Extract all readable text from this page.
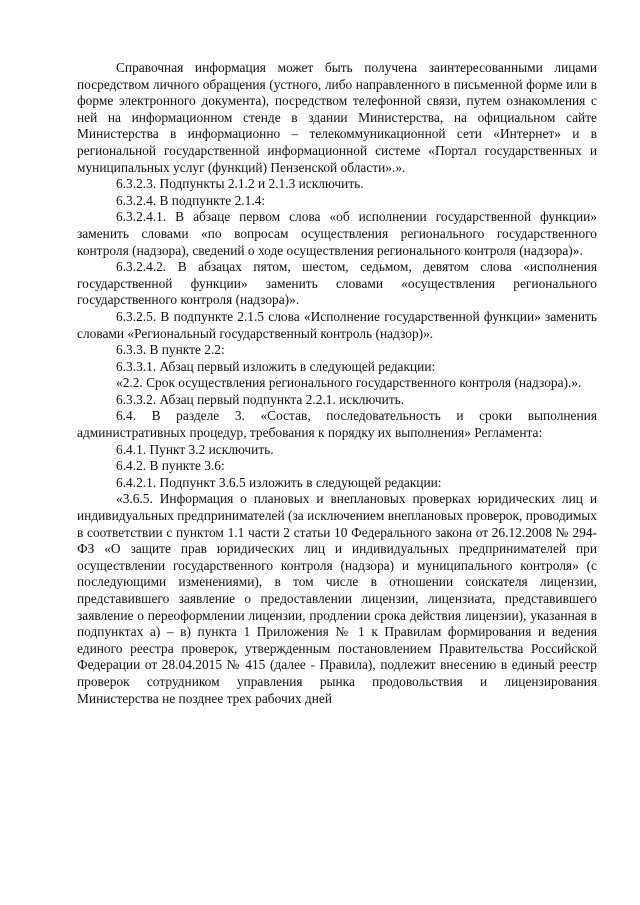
Справочная информация может быть получена заинтересованными лицами посредством личного обращения (устного, либо направленного в письменной форме или в форме электронного документа), посредством телефонной связи, путем ознакомления с ней на информационном стенде в здании Министерства, на официальном сайте Министерства в информационно – телекоммуникационной сети «Интернет» и в региональной государственной информационной системе «Портал государственных и муниципальных услуг (функций) Пензенской области».».

6.3.2.3. Подпункты 2.1.2 и 2.1.3 исключить.

6.3.2.4. В подпункте 2.1.4:

6.3.2.4.1. В абзаце первом слова «об исполнении государственной функции» заменить словами «по вопросам осуществления регионального государственного контроля (надзора), сведений о ходе осуществления регионального контроля (надзора)».

6.3.2.4.2. В абзацах пятом, шестом, седьмом, девятом слова «исполнения государственной функции» заменить словами «осуществления регионального государственного контроля (надзора)».

6.3.2.5. В подпункте 2.1.5 слова «Исполнение государственной функции» заменить словами «Региональный государственный контроль (надзор)».

6.3.3. В пункте 2.2:

6.3.3.1. Абзац первый изложить в следующей редакции:

«2.2. Срок осуществления регионального государственного контроля (надзора).».

6.3.3.2. Абзац первый подпункта 2.2.1. исключить.

6.4. В разделе 3. «Состав, последовательность и сроки выполнения административных процедур, требования к порядку их выполнения» Регламента:

6.4.1. Пункт 3.2 исключить.

6.4.2. В пункте 3.6:

6.4.2.1. Подпункт 3.6.5 изложить в следующей редакции:

«3.6.5. Информация о плановых и внеплановых проверках юридических лиц и индивидуальных предпринимателей (за исключением внеплановых проверок, проводимых в соответствии с пунктом 1.1 части 2 статьи 10 Федерального закона от 26.12.2008 № 294-ФЗ «О защите прав юридических лиц и индивидуальных предпринимателей при осуществлении государственного контроля (надзора) и муниципального контроля» (с последующими изменениями), в том числе в отношении соискателя лицензии, представившего заявление о предоставлении лицензии, лицензиата, представившего заявление о переоформлении лицензии, продлении срока действия лицензии), указанная в подпунктах а) – в) пункта 1 Приложения № 1 к Правилам формирования и ведения единого реестра проверок, утвержденным постановлением Правительства Российской Федерации от 28.04.2015 № 415 (далее - Правила), подлежит внесению в единый реестр проверок сотрудником управления рынка продовольствия и лицензирования Министерства не позднее трех рабочих дней
